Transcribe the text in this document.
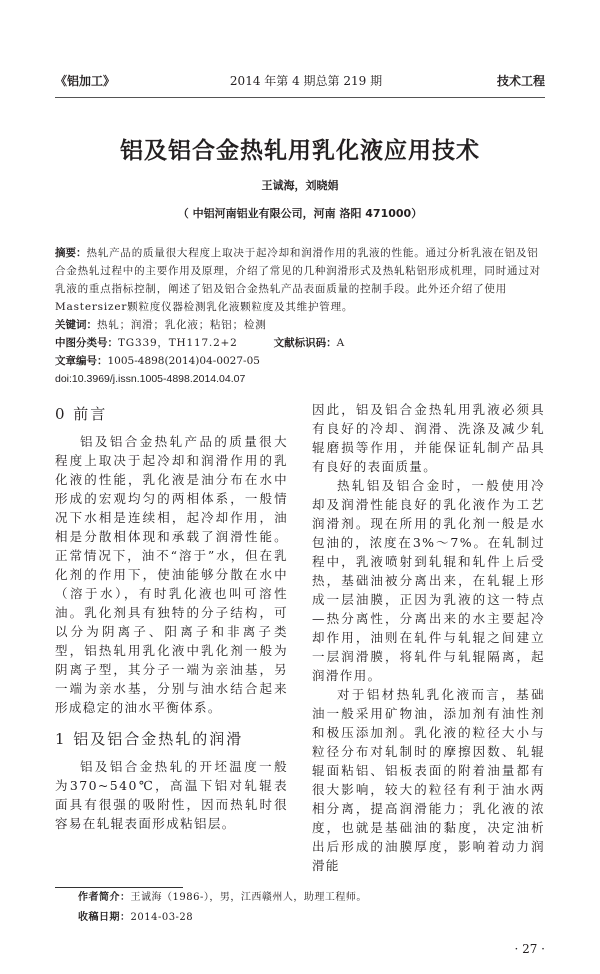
《铝加工》	2014 年第 4 期总第 219 期	技术工程
铝及铝合金热轧用乳化液应用技术
王诚海，刘晓娟
（ 中铝河南铝业有限公司，河南 洛阳 471000）
摘要：热轧产品的质量很大程度上取决于起冷却和润滑作用的乳液的性能。通过分析乳液在铝及铝合金热轧过程中的主要作用及原理，介绍了常见的几种润滑形式及热轧粘铝形成机理，同时通过对乳液的重点指标控制，阐述了铝及铝合金热轧产品表面质量的控制手段。此外还介绍了使用Mastersizer颗粒度仪器检测乳化液颗粒度及其维护管理。
关键词：热轧；润滑；乳化液；粘铝；检测
中图分类号：TG339，TH117.2+2	文献标识码：A
文章编号：1005-4898(2014)04-0027-05
doi:10.3969/j.issn.1005-4898.2014.04.07
0 前言

铝及铝合金热轧产品的质量很大程度上取决于起冷却和润滑作用的乳化液的性能，乳化液是油分布在水中形成的宏观均匀的两相体系，一般情况下水相是连续相，起冷却作用，油相是分散相体现和承载了润滑性能。正常情况下，油不“溶于”水，但在乳化剂的作用下，使油能够分散在水中（溶于水），有时乳化液也叫可溶性油。乳化剂具有独特的分子结构，可以分为阴离子、阳离子和非离子类型，铝热轧用乳化液中乳化剂一般为阴离子型，其分子一端为亲油基，另一端为亲水基，分别与油水结合起来形成稳定的油水平衡体系。

1 铝及铝合金热轧的润滑

铝及铝合金热轧的开坯温度一般为370~540℃，高温下铝对轧辊表面具有很强的吸附性，因而热轧时很容易在轧辊表面形成粘铝层。

因此，铝及铝合金热轧用乳液必须具有良好的冷却、润滑、洗涤及减少轧辊磨损等作用，并能保证轧制产品具有良好的表面质量。

热轧铝及铝合金时，一般使用冷却及润滑性能良好的乳化液作为工艺润滑剂。现在所用的乳化剂一般是水包油的，浓度在3%～7%。在轧制过程中，乳液喷射到轧辊和轧件上后受热，基础油被分离出来，在轧辊上形成一层油膜，正因为乳液的这一特点—热分离性，分离出来的水主要起冷却作用，油则在轧件与轧辊之间建立一层润滑膜，将轧件与轧辊隔离，起润滑作用。

对于铝材热轧乳化液而言，基础油一般采用矿物油，添加剂有油性剂和极压添加剂。乳化液的粒径大小与粒径分布对轧制时的摩擦因数、轧辊辊面粘铝、铝板表面的附着油量都有很大影响，较大的粒径有利于油水两相分离，提高润滑能力；乳化液的浓度，也就是基础油的黏度，决定油析出后形成的油膜厚度，影响着动力润滑能

作者简介：王诚海（1986-），男，江西赣州人，助理工程师。
收稿日期：2014-03-28
· 27 ·
